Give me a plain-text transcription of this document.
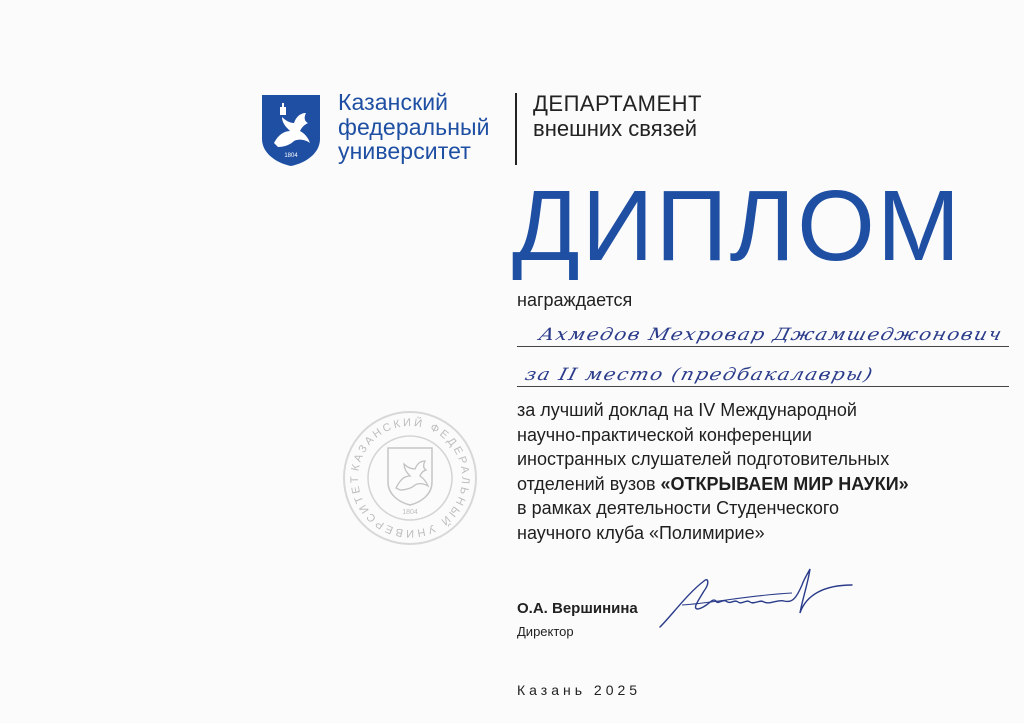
1804
Казанский
федеральный
университет
ДЕПАРТАМЕНТ
внешних связей
ДИПЛОМ
награждается
Ахмедов Мехровар Джамшеджонович
за II место (предбакалавры)
за лучший доклад на IV Международной
научно-практической конференции
иностранных слушателей подготовительных
отделений вузов «ОТКРЫВАЕМ МИР НАУКИ»
в рамках деятельности Студенческого
научного клуба «Полимирие»
КАЗАНСКИЙ ФЕДЕРАЛЬНЫЙ УНИВЕРСИТЕТ
1804
О.А. Вершинина
Директор
Казань 2025
